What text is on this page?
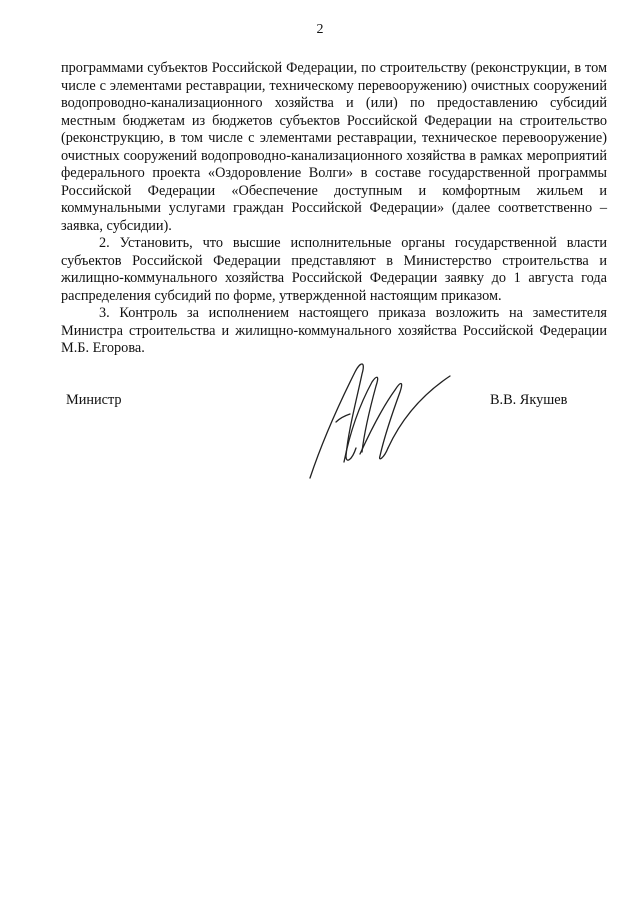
2

программами субъектов Российской Федерации, по строительству (реконструкции, в том числе с элементами реставрации, техническому перевооружению) очистных сооружений водопроводно-канализационного хозяйства и (или) по предоставлению субсидий местным бюджетам из бюджетов субъектов Российской Федерации на строительство (реконструкцию, в том числе с элементами реставрации, техническое перевооружение) очистных сооружений водопроводно-канализационного хозяйства в рамках мероприятий федерального проекта «Оздоровление Волги» в составе государственной программы Российской Федерации «Обеспечение доступным и комфортным жильем и коммунальными услугами граждан Российской Федерации» (далее соответственно – заявка, субсидии).

2. Установить, что высшие исполнительные органы государственной власти субъектов Российской Федерации представляют в Министерство строительства и жилищно-коммунального хозяйства Российской Федерации заявку до 1 августа года распределения субсидий по форме, утвержденной настоящим приказом.

3. Контроль за исполнением настоящего приказа возложить на заместителя Министра строительства и жилищно-коммунального хозяйства Российской Федерации М.Б. Егорова.

Министр	В.В. Якушев
